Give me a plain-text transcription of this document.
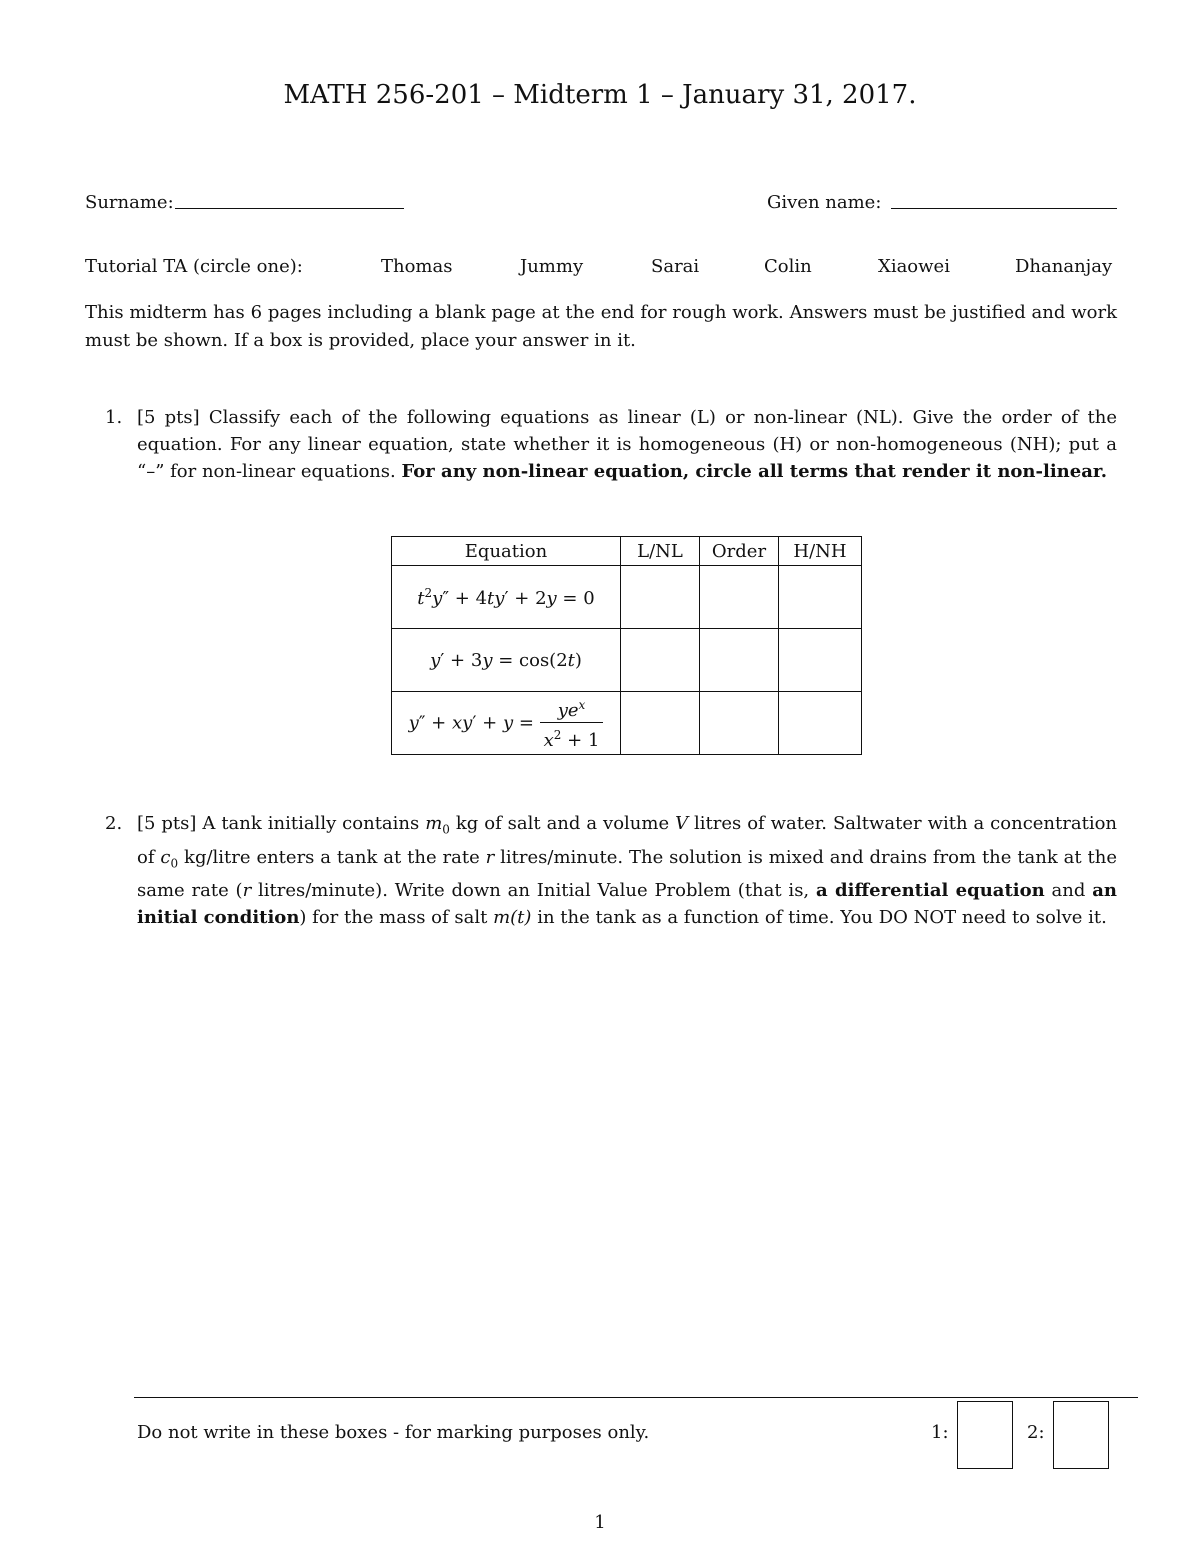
MATH 256-201 – Midterm 1 – January 31, 2017.
Surname:	Given name:
Tutorial TA (circle one):	Thomas	Jummy	Sarai	Colin	Xiaowei	Dhananjay
This midterm has 6 pages including a blank page at the end for rough work. Answers must be justified and work must be shown. If a box is provided, place your answer in it.
1. [5 pts] Classify each of the following equations as linear (L) or non-linear (NL). Give the order of the equation. For any linear equation, state whether it is homogeneous (H) or non-homogeneous (NH); put a “–” for non-linear equations. For any non-linear equation, circle all terms that render it non-linear.
Equation	L/NL	Order	H/NH
$t^2y'' + 4ty' + 2y = 0$			
y′ + 3y = cos(2t)			
$y'' + xy' + y = \frac{ye^x}{x^2 + 1}$

2. [5 pts] A tank initially contains $m_0$ kg of salt and a volume V litres of water. Saltwater with a concentration of $c_0$ kg/litre enters a tank at the rate r litres/minute. The solution is mixed and drains from the tank at the same rate (r litres/minute). Write down an Initial Value Problem (that is, a differential equation and an initial condition) for the mass of salt m(t) in the tank as a function of time. You DO NOT need to solve it.
Do not write in these boxes - for marking purposes only.	1:	2:
1
